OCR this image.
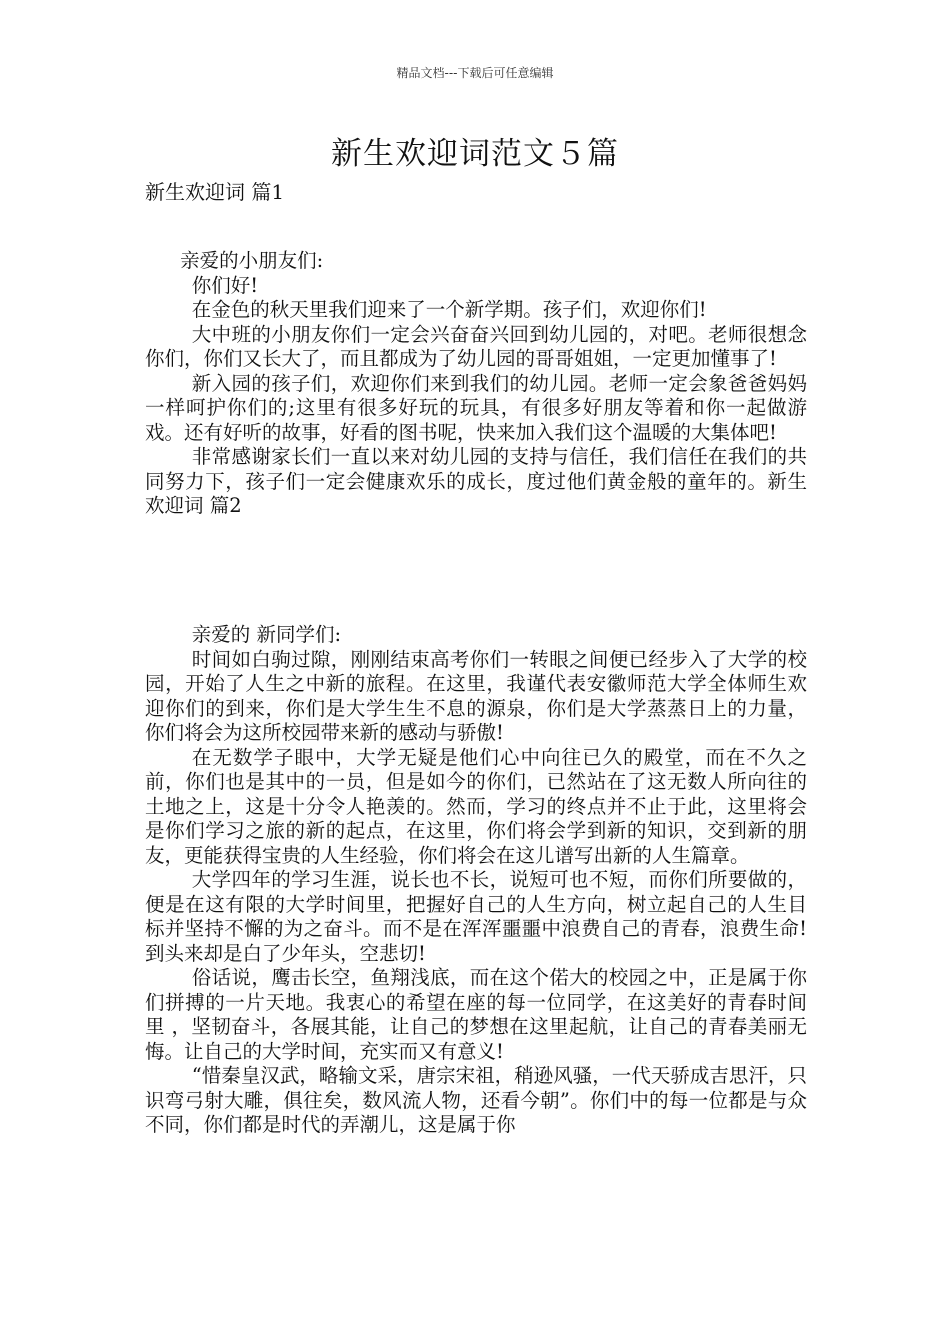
精品文档---下载后可任意编辑
新生欢迎词范文５篇
新生欢迎词 篇1

亲爱的小朋友们:

你们好!

在金色的秋天里我们迎来了一个新学期。孩子们，欢迎你们!

大中班的小朋友你们一定会兴奋奋兴回到幼儿园的，对吧。老师很想念你们，你们又长大了，而且都成为了幼儿园的哥哥姐姐，一定更加懂事了!

新入园的孩子们，欢迎你们来到我们的幼儿园。老师一定会象爸爸妈妈一样呵护你们的;这里有很多好玩的玩具，有很多好朋友等着和你一起做游戏。还有好听的故事，好看的图书呢，快来加入我们这个温暖的大集体吧!

非常感谢家长们一直以来对幼儿园的支持与信任，我们信任在我们的共同努力下，孩子们一定会健康欢乐的成长，度过他们黄金般的童年的。新生欢迎词 篇2

亲爱的 新同学们:

时间如白驹过隙，刚刚结束高考你们一转眼之间便已经步入了大学的校园，开始了人生之中新的旅程。在这里，我谨代表安徽师范大学全体师生欢迎你们的到来，你们是大学生生不息的源泉，你们是大学蒸蒸日上的力量，你们将会为这所校园带来新的感动与骄傲!

在无数学子眼中，大学无疑是他们心中向往已久的殿堂，而在不久之前，你们也是其中的一员，但是如今的你们，已然站在了这无数人所向往的土地之上，这是十分令人艳羡的。然而，学习的终点并不止于此，这里将会是你们学习之旅的新的起点，在这里，你们将会学到新的知识，交到新的朋友，更能获得宝贵的人生经验，你们将会在这儿谱写出新的人生篇章。

大学四年的学习生涯，说长也不长，说短可也不短，而你们所要做的，便是在这有限的大学时间里，把握好自己的人生方向，树立起自己的人生目标并坚持不懈的为之奋斗。而不是在浑浑噩噩中浪费自己的青春，浪费生命!到头来却是白了少年头，空悲切!

俗话说，鹰击长空，鱼翔浅底，而在这个偌大的校园之中，正是属于你们拼搏的一片天地。我衷心的希望在座的每一位同学，在这美好的青春时间里 ，坚韧奋斗，各展其能，让自己的梦想在这里起航，让自己的青春美丽无悔。让自己的大学时间，充实而又有意义!

“惜秦皇汉武，略输文采，唐宗宋祖，稍逊风骚，一代天骄成吉思汗，只识弯弓射大雕，俱往矣，数风流人物，还看今朝”。你们中的每一位都是与众不同，你们都是时代的弄潮儿，这是属于你
